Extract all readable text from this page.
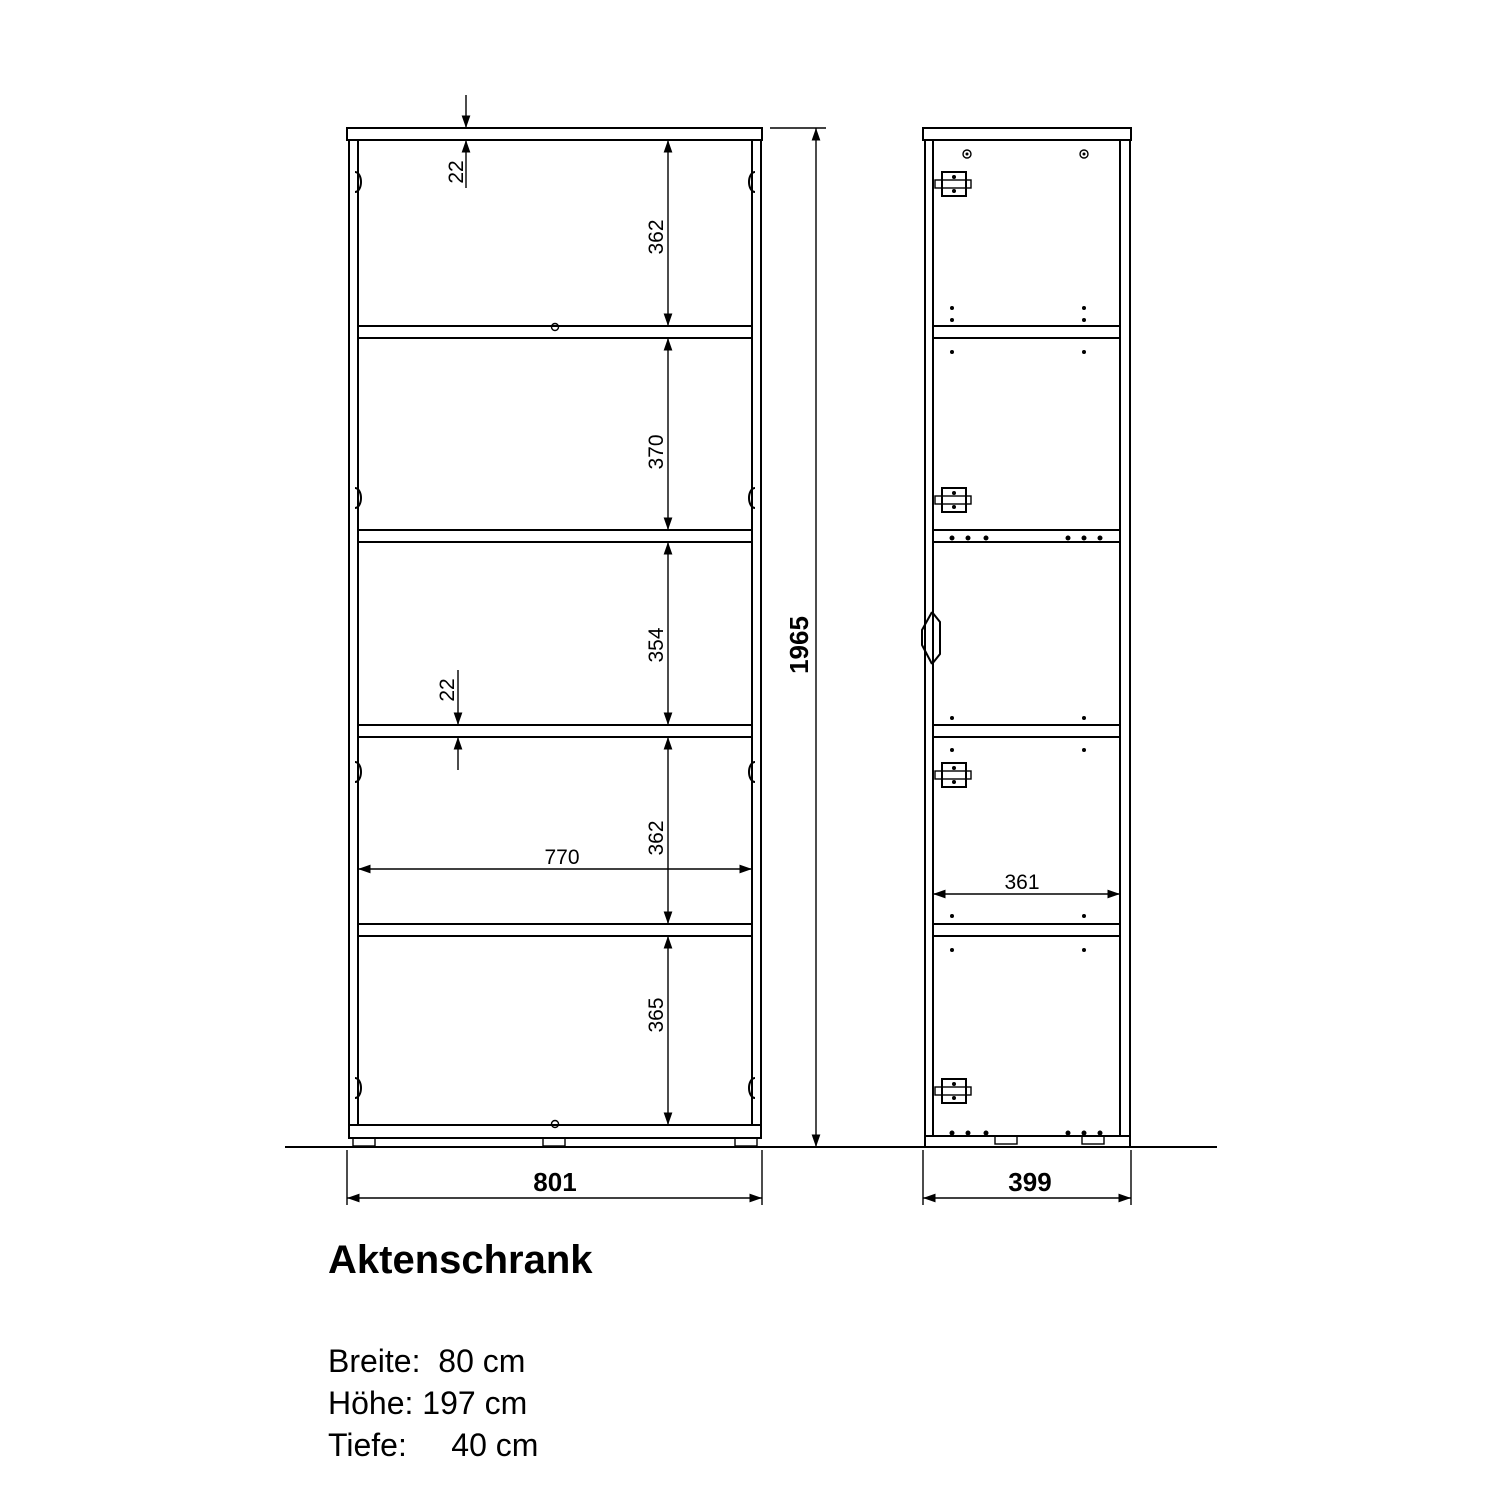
22
362
370
354
362
365
22
770
1965
801
361
399
Aktenschrank
Breite: 80 cm
Höhe: 197 cm
Tiefe: 40 cm
